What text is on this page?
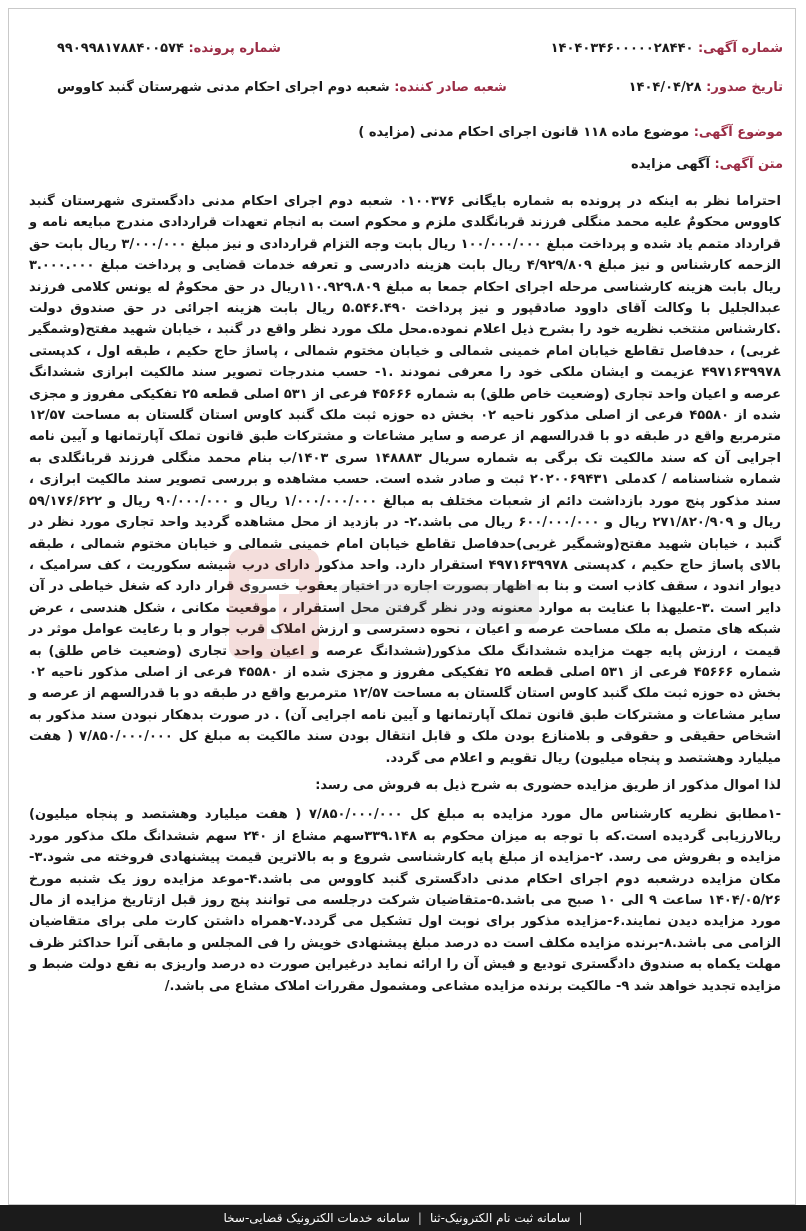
شماره آگهی: ۱۴۰۴۰۳۴۶۰۰۰۰۰۲۸۴۴۰
شماره پرونده: ۹۹۰۹۹۸۱۷۸۸۴۰۰۵۷۴
تاریخ صدور: ۱۴۰۴/۰۴/۲۸
شعبه صادر کننده: شعبه دوم اجرای احکام مدنی شهرستان گنبد کاووس
موضوع آگهی: موضوع ماده ۱۱۸ قانون اجرای احکام مدنی (مزایده )
متن آگهی: آگهی مزایده

احتراما نظر به اینکه در پرونده به شماره بایگانی ۰۱۰۰۳۷۶ شعبه دوم اجرای احکام مدنی دادگستری شهرستان گنبد کاووس محکومٌ علیه محمد منگلی فرزند قربانگلدی ملزم و محکوم است به انجام تعهدات قراردادی مندرج مبایعه نامه و قرارداد متمم یاد شده و پرداخت مبلغ ۱۰۰/۰۰۰/۰۰۰ ریال بابت وجه التزام قراردادی و نیز مبلغ ۳/۰۰۰/۰۰۰ ریال بابت حق الزحمه کارشناس و نیز مبلغ ۴/۹۲۹/۸۰۹ ریال بابت هزینه دادرسی و تعرفه خدمات قضایی و پرداخت مبلغ ۳.۰۰۰.۰۰۰ ریال بابت هزینه کارشناسی مرحله اجرای احکام جمعا به مبلغ ۱۱۰.۹۲۹.۸۰۹ریال در حق محکومٌ له یونس کلامی فرزند عبدالجلیل با وکالت آقای داوود صادقپور و نیز پرداخت ۵.۵۴۶.۴۹۰ ریال بابت هزینه اجرائی در حق صندوق دولت .کارشناس منتخب نظریه خود را بشرح ذیل اعلام نموده.محل ملک مورد نظر واقع در گنبد ، خیابان شهید مفتح(وشمگیر غربی) ، حدفاصل تقاطع خیابان امام خمینی شمالی و خیابان مختوم شمالی ، پاساژ حاج حکیم ، طبقه اول ، کدپستی ۴۹۷۱۶۳۹۹۷۸ عزیمت و ایشان ملکی خود را معرفی نمودند .۱- حسب مندرجات تصویر سند مالکیت ابرازی ششدانگ عرصه و اعیان واحد تجاری (وضعیت خاص طلق) به شماره ۴۵۶۶۶ فرعی از ۵۳۱ اصلی قطعه ۲۵ تفکیکی مفروز و مجزی شده از ۴۵۵۸۰ فرعی از اصلی مذکور ناحیه ۰۲ بخش ده حوزه ثبت ملک گنبد کاوس استان گلستان به مساحت ۱۲/۵۷ مترمربع واقع در طبقه دو با قدرالسهم از عرصه و سایر مشاعات و مشترکات طبق قانون تملک آپارتمانها و آیین نامه اجرایی آن که سند مالکیت تک برگی به شماره سریال ۱۴۸۸۸۳ سری ۱۴۰۳/ب بنام محمد منگلی فرزند قربانگلدی به شماره شناسنامه / کدملی ۲۰۲۰۰۶۹۴۳۱ ثبت و صادر شده است. حسب مشاهده و بررسی تصویر سند مالکیت ابرازی ، سند مذکور پنج مورد بازداشت دائم از شعبات مختلف به مبالغ ۱/۰۰۰/۰۰۰/۰۰۰ ریال و ۹۰/۰۰۰/۰۰۰ ریال و ۵۹/۱۷۶/۶۲۲ ریال و ۲۷۱/۸۲۰/۹۰۹ ریال و ۶۰۰/۰۰۰/۰۰۰ ریال می باشد.۲- در بازدید از محل مشاهده گردید واحد تجاری مورد نظر در گنبد ، خیابان شهید مفتح(وشمگیر غربی)حدفاصل تقاطع خیابان امام خمینی شمالی و خیابان مختوم شمالی ، طبقه بالای پاساژ حاج حکیم ، کدپستی ۴۹۷۱۶۳۹۹۷۸ استقرار دارد. واحد مذکور دارای درب شیشه سکوریت ، کف سرامیک ، دیوار اندود ، سقف کاذب است و بنا به اظهار بصورت اجاره در اختیار یعقوب خسروی قرار دارد که شغل خیاطی در آن دایر است .۳-علیهذا با عنایت به موارد معنونه ودر نظر گرفتن محل استقرار ، موقعیت مکانی ، شکل هندسی ، عرض شبکه های متصل به ملک مساحت عرصه و اعیان ، نحوه دسترسی و ارزش املاک قرب جوار و با رعایت عوامل موثر در قیمت ، ارزش پایه جهت مزایده ششدانگ ملک مذکور(ششدانگ عرصه و اعیان واحد تجاری (وضعیت خاص طلق) به شماره ۴۵۶۶۶ فرعی از ۵۳۱ اصلی قطعه ۲۵ تفکیکی مفروز و مجزی شده از ۴۵۵۸۰ فرعی از اصلی مذکور ناحیه ۰۲ بخش ده حوزه ثبت ملک گنبد کاوس استان گلستان به مساحت ۱۲/۵۷ مترمربع واقع در طبقه دو با قدرالسهم از عرصه و سایر مشاعات و مشترکات طبق قانون تملک آپارتمانها و آیین نامه اجرایی آن) . در صورت بدهکار نبودن سند مذکور به اشخاص حقیقی و حقوقی و بلامنازع بودن ملک و قابل انتقال بودن سند مالکیت به مبلغ کل ۷/۸۵۰/۰۰۰/۰۰۰ ( هفت میلیارد وهشتصد و پنجاه میلیون) ریال تقویم و اعلام می گردد.

لذا اموال مذکور از طریق مزایده حضوری به شرح ذیل به فروش می رسد:

-۱مطابق نظریه کارشناس مال مورد مزایده به مبلغ کل ۷/۸۵۰/۰۰۰/۰۰۰ ( هفت میلیارد وهشتصد و پنجاه میلیون) ریالارزیابی گردیده است.که با توجه به میزان محکوم به ۳۳۹.۱۴۸سهم مشاع از ۲۴۰ سهم ششدانگ ملک مذکور مورد مزایده و بفروش می رسد. ۲-مزایده از مبلغ پایه کارشناسی شروع و به بالاترین قیمت پیشنهادی فروخته می شود.۳-مکان مزایده درشعبه دوم اجرای احکام مدنی دادگستری گنبد کاووس می باشد.۴-موعد مزایده روز یک شنبه مورخ ۱۴۰۴/۰۵/۲۶ ساعت ۹ الی ۱۰ صبح می باشد.۵-متقاضیان شرکت درجلسه می توانند پنج روز قبل ازتاریخ مزایده از مال مورد مزایده دیدن نمایند.۶-مزایده مذکور برای نوبت اول تشکیل می گردد.۷-همراه داشتن کارت ملی برای متقاضیان الزامی می باشد.۸-برنده مزایده مکلف است ده درصد مبلغ پیشنهادی خویش را فی المجلس و مابقی آنرا حداکثر ظرف مهلت یکماه به صندوق دادگستری تودیع و فیش آن را ارائه نماید درغیراین صورت ده درصد واریزی به نفع دولت ضبط و مزایده تجدید خواهد شد ۹- مالکیت برنده مزایده مشاعی ومشمول مقررات املاک مشاع می باشد./

|
سامانه ثبت نام الکترونیک-ثنا
|
سامانه خدمات الکترونیک قضایی-سخا
